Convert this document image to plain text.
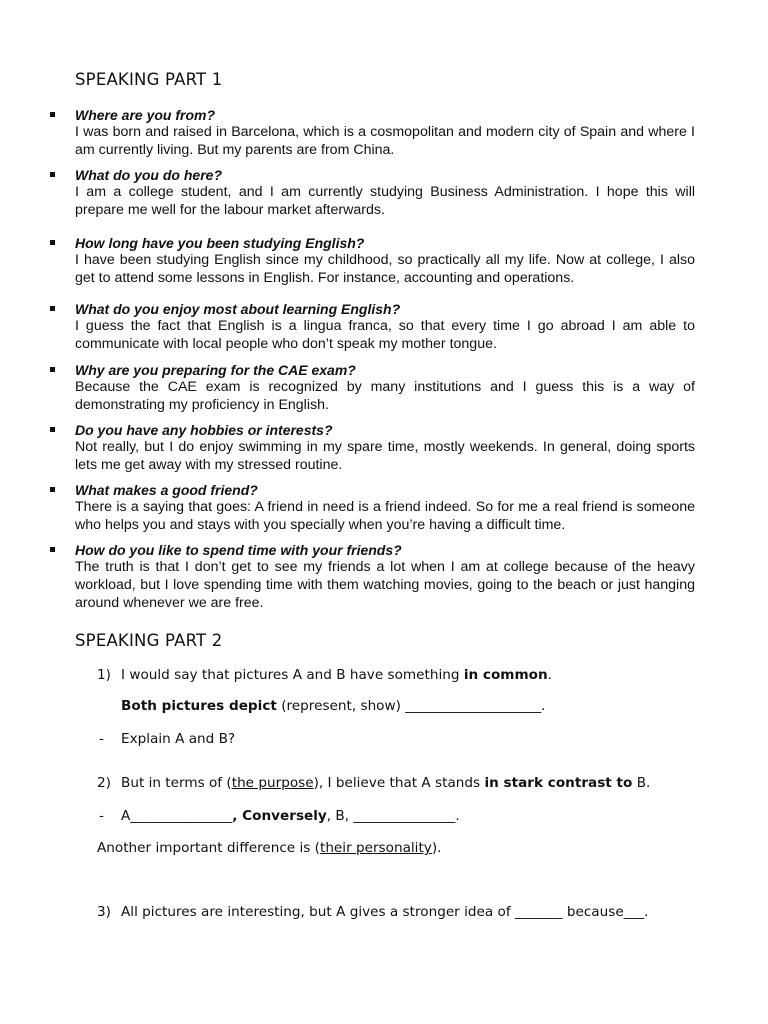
SPEAKING PART 1
Where are you from?

I was born and raised in Barcelona, which is a cosmopolitan and modern city of Spain and where I am currently living. But my parents are from China.

What do you do here?

I am a college student, and I am currently studying Business Administration. I hope this will prepare me well for the labour market afterwards.

How long have you been studying English?

I have been studying English since my childhood, so practically all my life. Now at college, I also get to attend some lessons in English. For instance, accounting and operations.

What do you enjoy most about learning English?

I guess the fact that English is a lingua franca, so that every time I go abroad I am able to communicate with local people who don’t speak my mother tongue.

Why are you preparing for the CAE exam?

Because the CAE exam is recognized by many institutions and I guess this is a way of demonstrating my proficiency in English.

Do you have any hobbies or interests?

Not really, but I do enjoy swimming in my spare time, mostly weekends. In general, doing sports lets me get away with my stressed routine.

What makes a good friend?

There is a saying that goes: A friend in need is a friend indeed. So for me a real friend is someone who helps you and stays with you specially when you’re having a difficult time.

How do you like to spend time with your friends?

The truth is that I don’t get to see my friends a lot when I am at college because of the heavy workload, but I love spending time with them watching movies, going to the beach or just hanging around whenever we are free.

SPEAKING PART 2

1) I would say that pictures A and B have something in common.

Both pictures depict (represent, show) ____________________.

- Explain A and B?

2) But in terms of (the purpose), I believe that A stands in stark contrast to B.

- A_______________, Conversely, B, _______________.

Another important difference is (their personality).

3) All pictures are interesting, but A gives a stronger idea of _______ because___.
